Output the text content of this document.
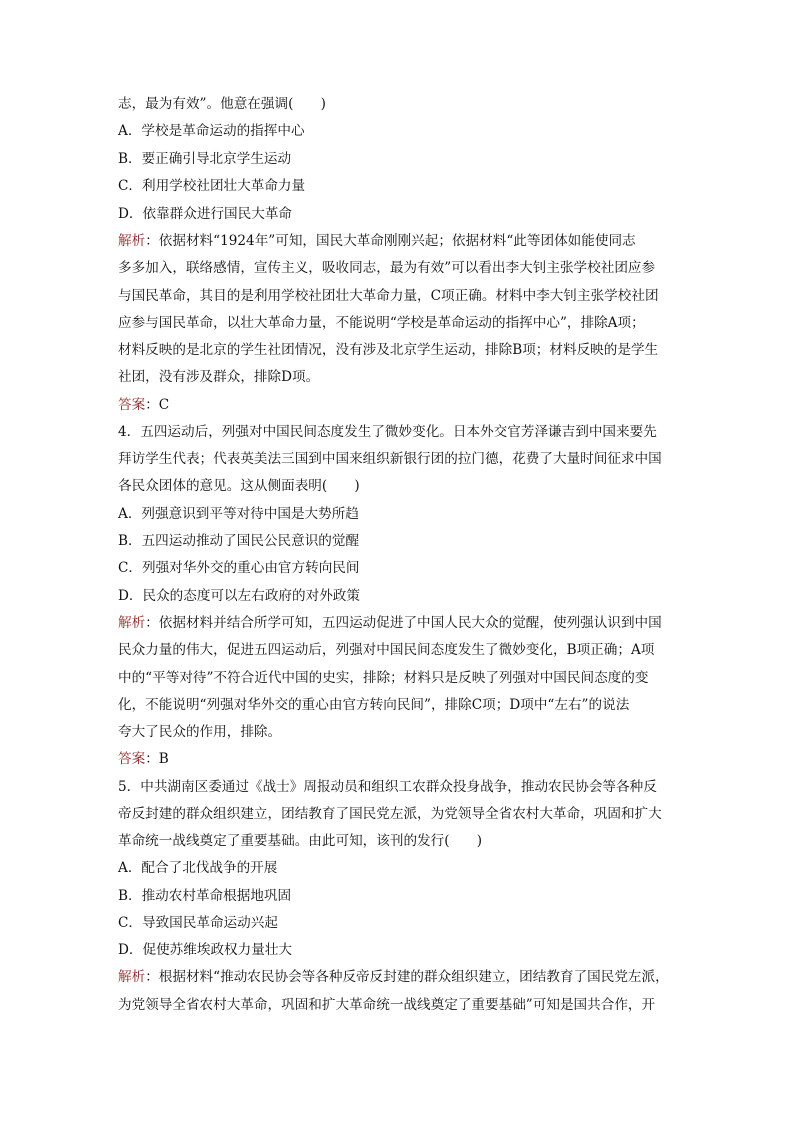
志，最为有效”。他意在强调(　　)
A．学校是革命运动的指挥中心
B．要正确引导北京学生运动
C．利用学校社团壮大革命力量
D．依靠群众进行国民大革命
解析：依据材料“1924年”可知，国民大革命刚刚兴起；依据材料“此等团体如能使同志
多多加入，联络感情，宣传主义，吸收同志，最为有效”可以看出李大钊主张学校社团应参
与国民革命，其目的是利用学校社团壮大革命力量，C项正确。材料中李大钊主张学校社团
应参与国民革命，以壮大革命力量，不能说明“学校是革命运动的指挥中心”，排除A项；
材料反映的是北京的学生社团情况，没有涉及北京学生运动，排除B项；材料反映的是学生
社团，没有涉及群众，排除D项。
答案：C
4．五四运动后，列强对中国民间态度发生了微妙变化。日本外交官芳泽谦吉到中国来要先
拜访学生代表；代表英美法三国到中国来组织新银行团的拉门德，花费了大量时间征求中国
各民众团体的意见。这从侧面表明(　　)
A．列强意识到平等对待中国是大势所趋
B．五四运动推动了国民公民意识的觉醒
C．列强对华外交的重心由官方转向民间
D．民众的态度可以左右政府的对外政策
解析：依据材料并结合所学可知，五四运动促进了中国人民大众的觉醒，使列强认识到中国
民众力量的伟大，促进五四运动后，列强对中国民间态度发生了微妙变化，B项正确；A项
中的“平等对待”不符合近代中国的史实，排除；材料只是反映了列强对中国民间态度的变
化，不能说明“列强对华外交的重心由官方转向民间”，排除C项；D项中“左右”的说法
夸大了民众的作用，排除。
答案：B
5．中共湖南区委通过《战士》周报动员和组织工农群众投身战争，推动农民协会等各种反
帝反封建的群众组织建立，团结教育了国民党左派，为党领导全省农村大革命，巩固和扩大
革命统一战线奠定了重要基础。由此可知，该刊的发行(　　)
A．配合了北伐战争的开展
B．推动农村革命根据地巩固
C．导致国民革命运动兴起
D．促使苏维埃政权力量壮大
解析：根据材料“推动农民协会等各种反帝反封建的群众组织建立，团结教育了国民党左派，
为党领导全省农村大革命，巩固和扩大革命统一战线奠定了重要基础”可知是国共合作，开
